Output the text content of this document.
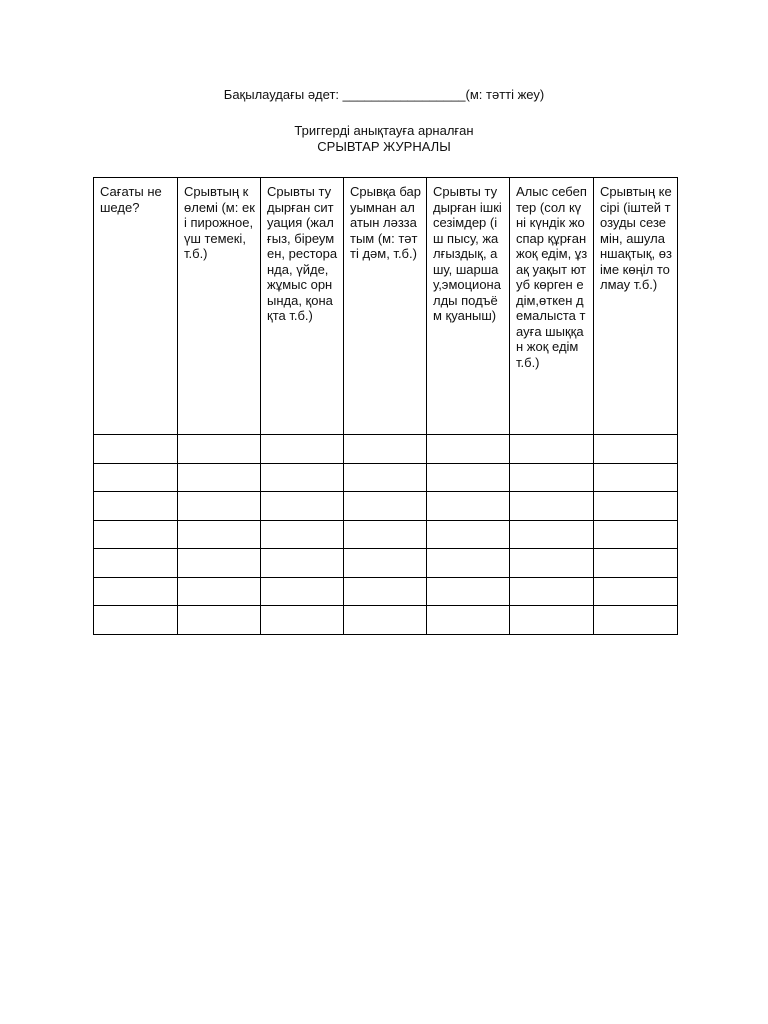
Бақылаудағы әдет: _________________(м: тәтті жеу)
Триггерді анықтауға арналған
СРЫВТАР ЖУРНАЛЫ
Сағаты нешеде?	Срывтың көлемі (м: екі пирожное, үш темекі, т.б.)	Срывты тудырған ситуация (жалғыз, біреумен, ресторанда, үйде, жұмыс орнында, қонақта т.б.)	Срывқа баруымнан алатын ләззатым (м: тәтті дәм, т.б.)	Срывты тудырған ішкі сезімдер (іш пысу, жалғыздық, ашу, шаршау,эмоционалды подъём қуаныш)	Алыс себептер (сол күні күндік жоспар құрған жоқ едім, ұзақ уақыт ютуб көрген едім,өткен демалыста тауға шыққан жоқ едім т.б.)	Срывтың кесірі (іштей тозуды сеземін, ашуланшақтық, өзіме көңіл толмау т.б.)
